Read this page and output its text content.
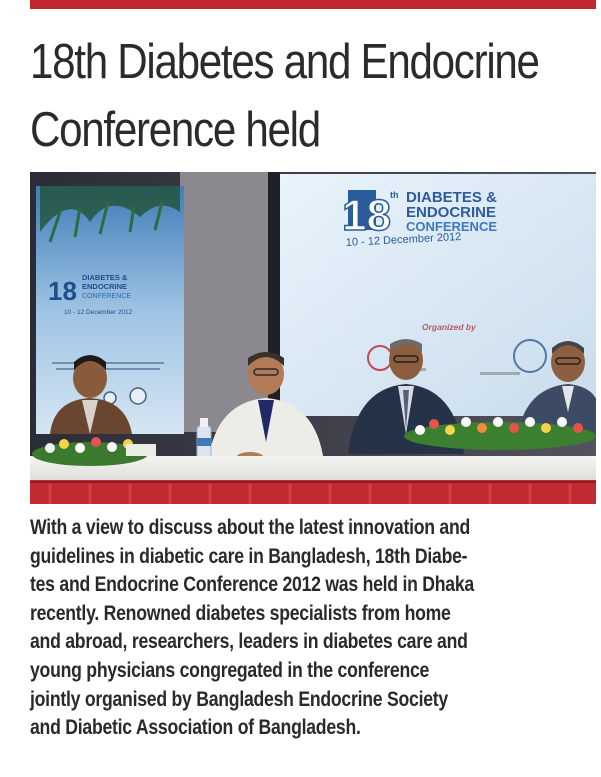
18th Diabetes and Endocrine
Conference held
18 DIABETES &
ENDOCRINE
CONFERENCE
10 - 12 December 2012
18 th DIABETES &
ENDOCRINE
CONFERENCE
10 - 12 December 2012
Organized by

With a view to discuss about the latest innovation and
guidelines in diabetic care in Bangladesh, 18th Diabe-
tes and Endocrine Conference 2012 was held in Dhaka
recently. Renowned diabetes specialists from home
and abroad, researchers, leaders in diabetes care and
young physicians congregated in the conference
jointly organised by Bangladesh Endocrine Society
and Diabetic Association of Bangladesh.
